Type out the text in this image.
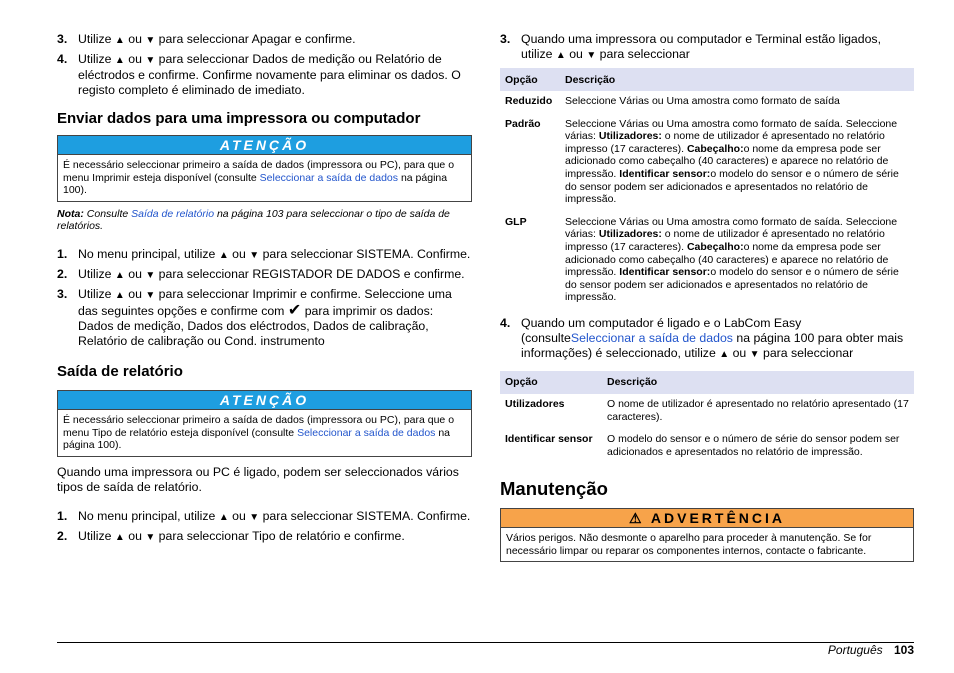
3. Utilize ▲ ou ▼ para seleccionar Apagar e confirme.
4. Utilize ▲ ou ▼ para seleccionar Dados de medição ou Relatório de eléctrodos e confirme. Confirme novamente para eliminar os dados. O registo completo é eliminado de imediato.
Enviar dados para uma impressora ou computador
ATENÇÃO
É necessário seleccionar primeiro a saída de dados (impressora ou PC), para que o menu Imprimir esteja disponível (consulte Seleccionar a saída de dados na página 100).
Nota: Consulte Saída de relatório na página 103 para seleccionar o tipo de saída de relatórios.
1. No menu principal, utilize ▲ ou ▼ para seleccionar SISTEMA. Confirme.
2. Utilize ▲ ou ▼ para seleccionar REGISTADOR DE DADOS e confirme.
3. Utilize ▲ ou ▼ para seleccionar Imprimir e confirme. Seleccione uma das seguintes opções e confirme com ✔ para imprimir os dados: Dados de medição, Dados dos eléctrodos, Dados de calibração, Relatório de calibração ou Cond. instrumento
Saída de relatório
ATENÇÃO
É necessário seleccionar primeiro a saída de dados (impressora ou PC), para que o menu Tipo de relatório esteja disponível (consulte Seleccionar a saída de dados na página 100).
Quando uma impressora ou PC é ligado, podem ser seleccionados vários tipos de saída de relatório.
1. No menu principal, utilize ▲ ou ▼ para seleccionar SISTEMA. Confirme.
2. Utilize ▲ ou ▼ para seleccionar Tipo de relatório e confirme.
3. Quando uma impressora ou computador e Terminal estão ligados, utilize ▲ ou ▼ para seleccionar
Opção	Descrição
Reduzido	Seleccione Várias ou Uma amostra como formato de saída
Padrão	Seleccione Várias ou Uma amostra como formato de saída. Seleccione várias: Utilizadores: o nome de utilizador é apresentado no relatório impresso (17 caracteres). Cabeçalho:o nome da empresa pode ser adicionado como cabeçalho (40 caracteres) e aparece no relatório de impressão. Identificar sensor:o modelo do sensor e o número de série do sensor podem ser adicionados e apresentados no relatório de impressão.
GLP	Seleccione Várias ou Uma amostra como formato de saída. Seleccione várias: Utilizadores: o nome de utilizador é apresentado no relatório impresso (17 caracteres). Cabeçalho:o nome da empresa pode ser adicionado como cabeçalho (40 caracteres) e aparece no relatório de impressão. Identificar sensor:o modelo do sensor e o número de série do sensor podem ser adicionados e apresentados no relatório de impressão.
4. Quando um computador é ligado e o LabCom Easy (consulteSeleccionar a saída de dados na página 100 para obter mais informações) é seleccionado, utilize ▲ ou ▼ para seleccionar
Opção	Descrição
Utilizadores	O nome de utilizador é apresentado no relatório apresentado (17 caracteres).
Identificar sensor	O modelo do sensor e o número de série do sensor podem ser adicionados e apresentados no relatório de impressão.
Manutenção
⚠ ADVERTÊNCIA
Vários perigos. Não desmonte o aparelho para proceder à manutenção. Se for necessário limpar ou reparar os componentes internos, contacte o fabricante.
Português 103
